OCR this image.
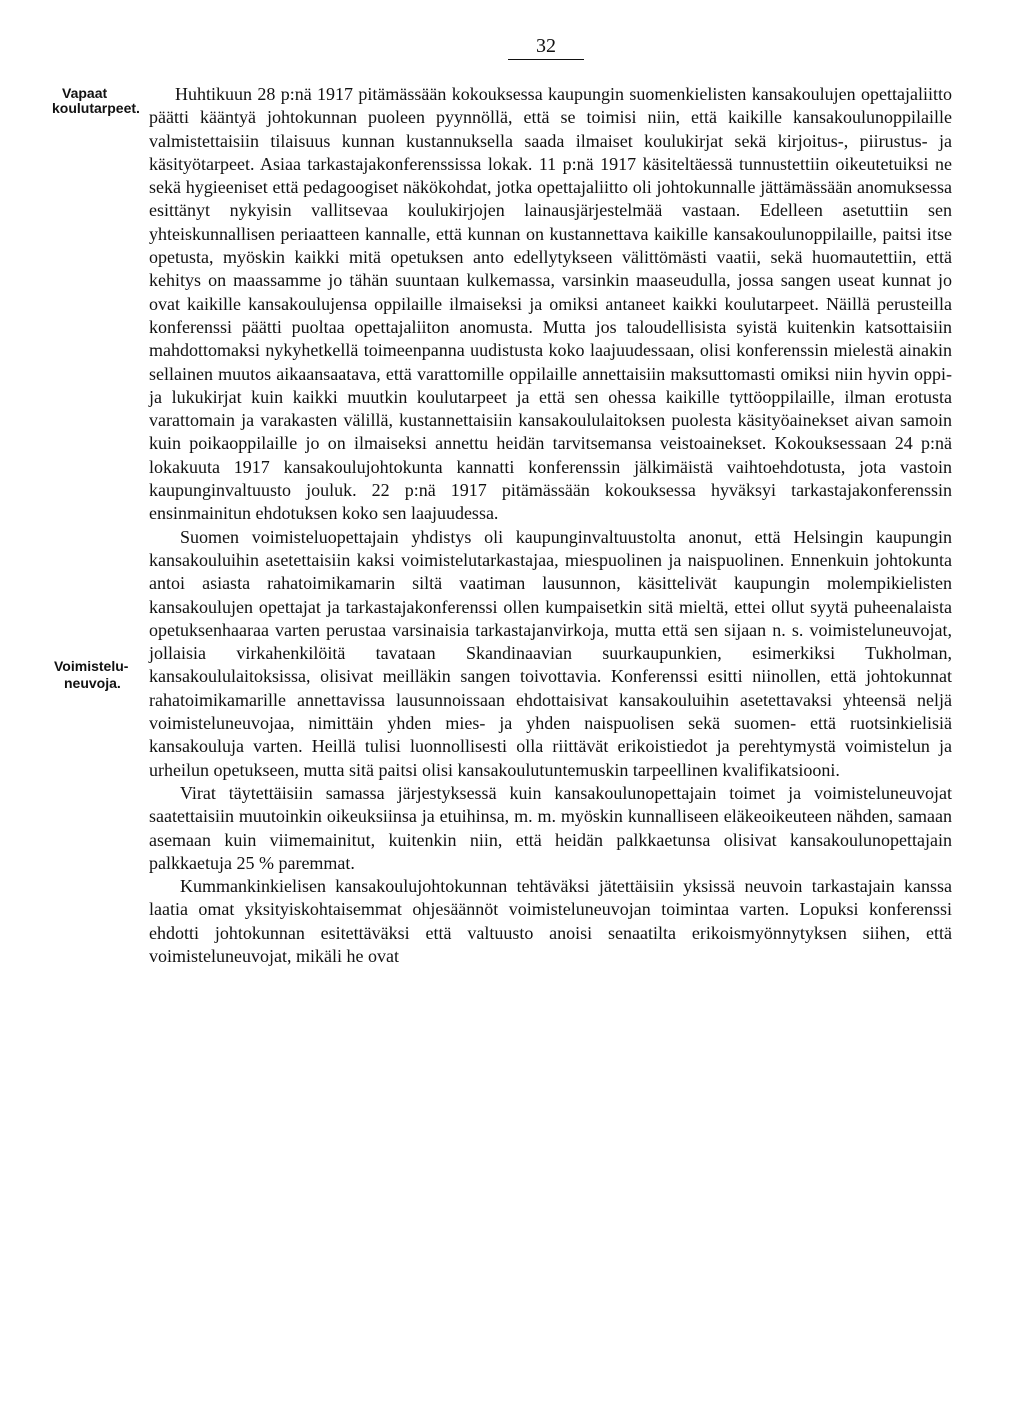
32
Vapaat
koulutarpeet.
Voimistelu-
neuvoja.

Huhtikuun 28 p:nä 1917 pitämässään kokouksessa kaupungin suomenkielisten kansakoulujen opettajaliitto päätti kääntyä johtokunnan puoleen pyynnöllä, että se toimisi niin, että kaikille kansakoulunoppilaille valmistettaisiin tilaisuus kunnan kustannuksella saada ilmaiset koulukirjat sekä kirjoitus-, piirustus- ja käsityötarpeet. Asiaa tarkastajakonferenssissa lokak. 11 p:nä 1917 käsiteltäessä tunnustettiin oikeutetuiksi ne sekä hygieeniset että pedagoogiset näkökohdat, jotka opettajaliitto oli johtokunnalle jättämässään anomuksessa esittänyt nykyisin vallitsevaa koulukirjojen lainausjärjestelmää vastaan. Edelleen asetuttiin sen yhteiskunnallisen periaatteen kannalle, että kunnan on kustannettava kaikille kansakoulunoppilaille, paitsi itse opetusta, myöskin kaikki mitä opetuksen anto edellytykseen välittömästi vaatii, sekä huomautettiin, että kehitys on maassamme jo tähän suuntaan kulkemassa, varsinkin maaseudulla, jossa sangen useat kunnat jo ovat kaikille kansakoulujensa oppilaille ilmaiseksi ja omiksi antaneet kaikki koulutarpeet. Näillä perusteilla konferenssi päätti puoltaa opettajaliiton anomusta. Mutta jos taloudellisista syistä kuitenkin katsottaisiin mahdottomaksi nykyhetkellä toimeenpanna uudistusta koko laajuudessaan, olisi konferenssin mielestä ainakin sellainen muutos aikaansaatava, että varattomille oppilaille annettaisiin maksuttomasti omiksi niin hyvin oppi- ja lukukirjat kuin kaikki muutkin koulutarpeet ja että sen ohessa kaikille tyttöoppilaille, ilman erotusta varattomain ja varakasten välillä, kustannettaisiin kansakoululaitoksen puolesta käsityöainekset aivan samoin kuin poikaoppilaille jo on ilmaiseksi annettu heidän tarvitsemansa veistoainekset. Kokouksessaan 24 p:nä lokakuuta 1917 kansakoulujohtokunta kannatti konferenssin jälkimäistä vaihtoehdotusta, jota vastoin kaupunginvaltuusto jouluk. 22 p:nä 1917 pitämässään kokouksessa hyväksyi tarkastajakonferenssin ensinmainitun ehdotuksen koko sen laajuudessa.

Suomen voimisteluopettajain yhdistys oli kaupunginvaltuustolta anonut, että Helsingin kaupungin kansakouluihin asetettaisiin kaksi voimistelutarkastajaa, miespuolinen ja naispuolinen. Ennenkuin johtokunta antoi asiasta rahatoimikamarin siltä vaatiman lausunnon, käsittelivät kaupungin molempikielisten kansakoulujen opettajat ja tarkastajakonferenssi ollen kumpaisetkin sitä mieltä, ettei ollut syytä puheenalaista opetuksenhaaraa varten perustaa varsinaisia tarkastajanvirkoja, mutta että sen sijaan n. s. voimisteluneuvojat, jollaisia virkahenkilöitä tavataan Skandinaavian suurkaupunkien, esimerkiksi Tukholman, kansakoululaitoksissa, olisivat meilläkin sangen toivottavia. Konferenssi esitti niinollen, että johtokunnat rahatoimikamarille annettavissa lausunnoissaan ehdottaisivat kansakouluihin asetettavaksi yhteensä neljä voimisteluneuvojaa, nimittäin yhden mies- ja yhden naispuolisen sekä suomen- että ruotsinkielisiä kansakouluja varten. Heillä tulisi luonnollisesti olla riittävät erikoistiedot ja perehtymystä voimistelun ja urheilun opetukseen, mutta sitä paitsi olisi kansakoulutuntemuskin tarpeellinen kvalifikatsiooni.

Virat täytettäisiin samassa järjestyksessä kuin kansakoulunopettajain toimet ja voimisteluneuvojat saatettaisiin muutoinkin oikeuksiinsa ja etuihinsa, m. m. myöskin kunnalliseen eläkeoikeuteen nähden, samaan asemaan kuin viimemainitut, kuitenkin niin, että heidän palkkaetunsa olisivat kansakoulunopettajain palkkaetuja 25 % paremmat.

Kummankinkielisen kansakoulujohtokunnan tehtäväksi jätettäisiin yksissä neuvoin tarkastajain kanssa laatia omat yksityiskohtaisemmat ohjesäännöt voimisteluneuvojan toimintaa varten. Lopuksi konferenssi ehdotti johtokunnan esitettäväksi että valtuusto anoisi senaatilta erikoismyönnytyksen siihen, että voimisteluneuvojat, mikäli he ovat
